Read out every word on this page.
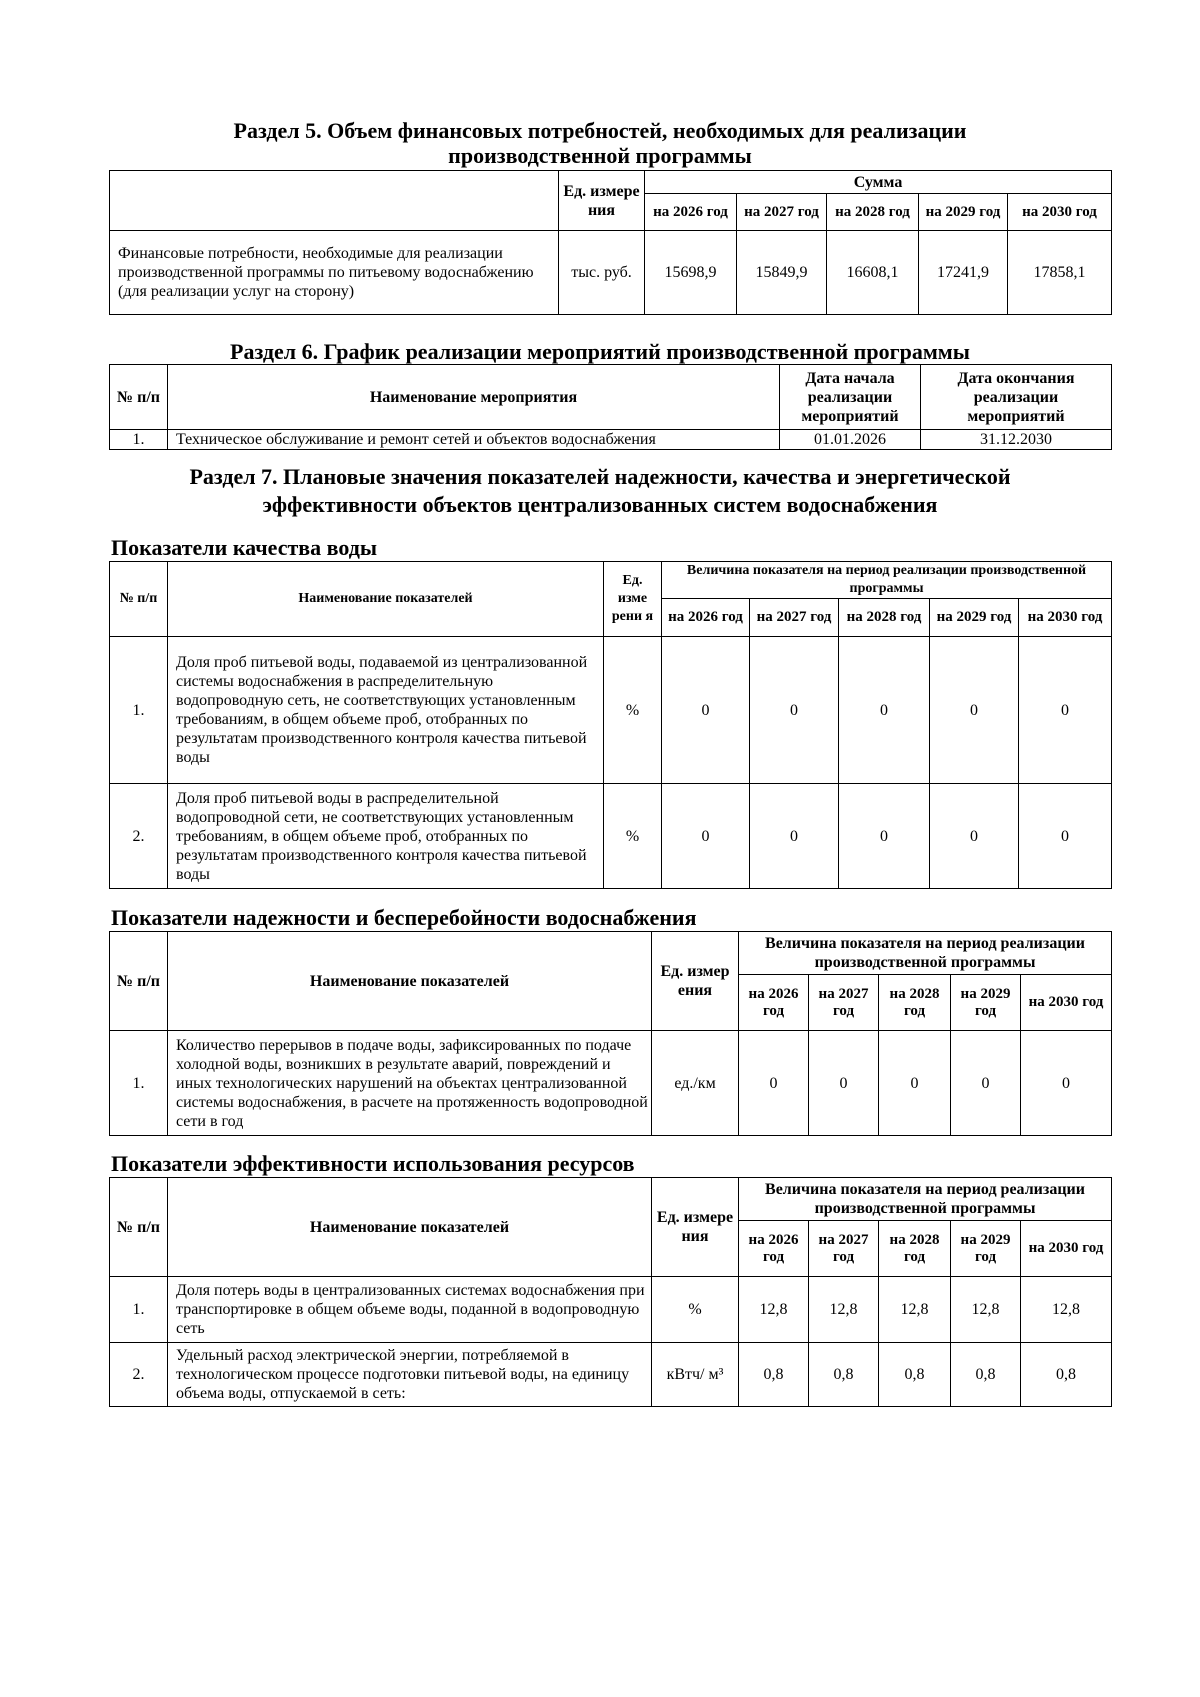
Раздел 5. Объем финансовых потребностей, необходимых для реализации

производственной программы

	Ед. измере ния	Сумма				
		на 2026 год	на 2027 год	на 2028 год	на 2029 год	на 2030 год
Финансовые потребности, необходимые для реализации производственной программы по питьевому водоснабжению (для реализации услуг на сторону)	тыс. руб.	15698,9	15849,9	16608,1	17241,9	17858,1

Раздел 6. График реализации мероприятий производственной программы

№ п/п	Наименование мероприятия	Дата начала реализации мероприятий	Дата окончания реализации мероприятий
1.	Техническое обслуживание и ремонт сетей и объектов водоснабжения	01.01.2026	31.12.2030

Раздел 7. Плановые значения показателей надежности, качества и энергетической

эффективности объектов централизованных систем водоснабжения

Показатели качества воды

№ п/п	Наименование показателей	Ед. изме рени я	Величина показателя на период реализации производственной программы				
			на 2026 год	на 2027 год	на 2028 год	на 2029 год	на 2030 год
1.	Доля проб питьевой воды, подаваемой из централизованной системы водоснабжения в распределительную водопроводную сеть, не соответствующих установленным требованиям, в общем объеме проб, отобранных по результатам производственного контроля качества питьевой воды	%	0	0	0	0	0
2.	Доля проб питьевой воды в распределительной водопроводной сети, не соответствующих установленным требованиям, в общем объеме проб, отобранных по результатам производственного контроля качества питьевой воды	%	0	0	0	0	0

Показатели надежности и бесперебойности водоснабжения

№ п/п	Наименование показателей	Ед. измер ения	Величина показателя на период реализации производственной программы				
			на 2026 год	на 2027 год	на 2028 год	на 2029 год	на 2030 год
1.	Количество перерывов в подаче воды, зафиксированных по подаче холодной воды, возникших в результате аварий, повреждений и иных технологических нарушений на объектах централизованной системы водоснабжения, в расчете на протяженность водопроводной сети в год	ед./км	0	0	0	0	0

Показатели эффективности использования ресурсов

№ п/п	Наименование показателей	Ед. измере ния	Величина показателя на период реализации производственной программы				
			на 2026 год	на 2027 год	на 2028 год	на 2029 год	на 2030 год
1.	Доля потерь воды в централизованных системах водоснабжения при транспортировке в общем объеме воды, поданной в водопроводную сеть	%	12,8	12,8	12,8	12,8	12,8
2.	Удельный расход электрической энергии, потребляемой в технологическом процессе подготовки питьевой воды, на единицу объема воды, отпускаемой в сеть:	кВтч/ м³	0,8	0,8	0,8	0,8	0,8
